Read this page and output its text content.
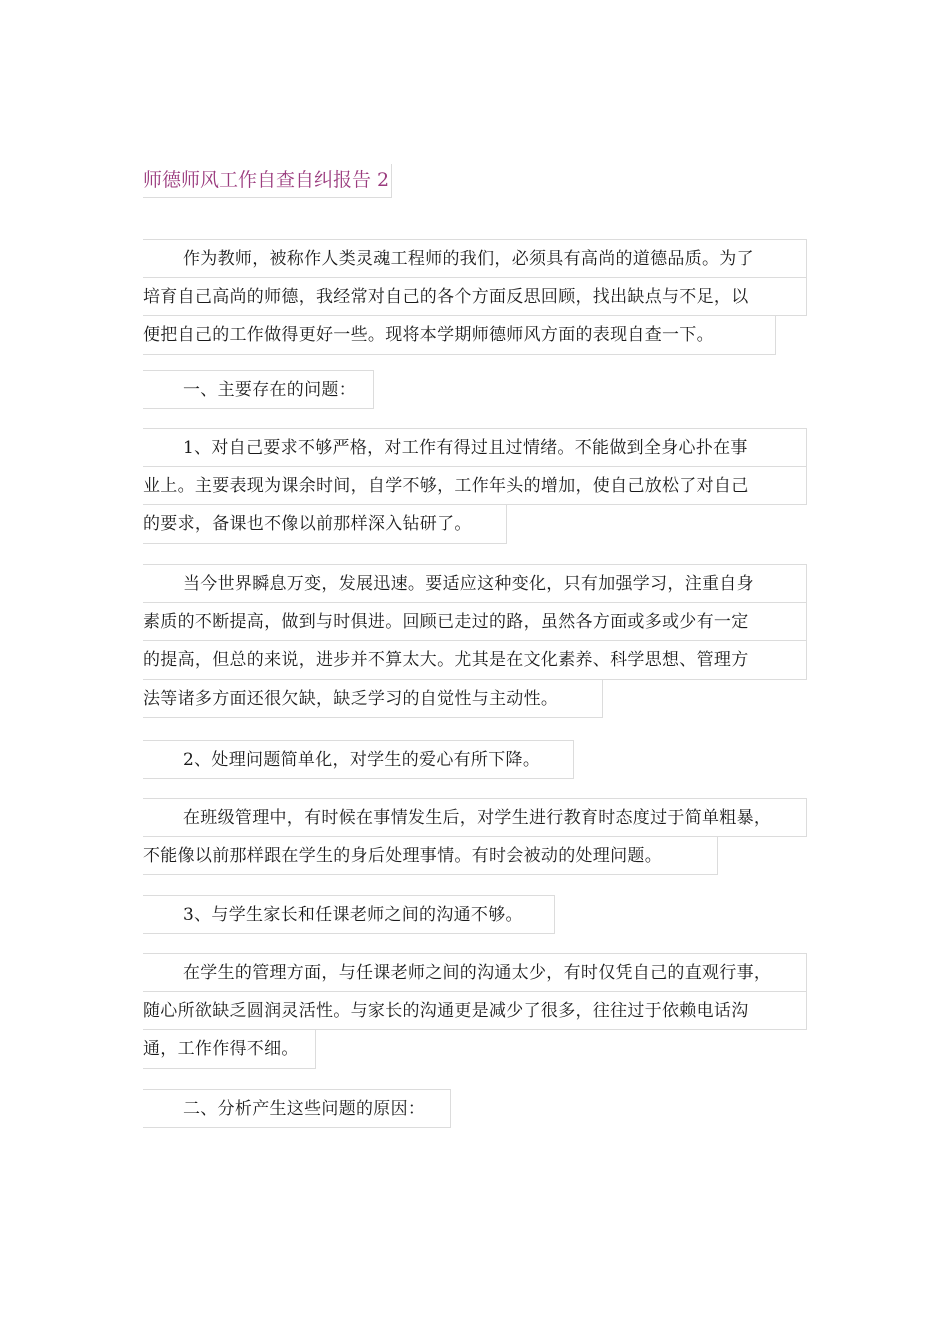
师德师风工作自查自纠报告 2
作为教师，被称作人类灵魂工程师的我们，必须具有高尚的道德品质。为了
培育自己高尚的师德，我经常对自己的各个方面反思回顾，找出缺点与不足，以
便把自己的工作做得更好一些。现将本学期师德师风方面的表现自查一下。
一、主要存在的问题：
1、对自己要求不够严格，对工作有得过且过情绪。不能做到全身心扑在事
业上。主要表现为课余时间，自学不够，工作年头的增加，使自己放松了对自己
的要求，备课也不像以前那样深入钻研了。
当今世界瞬息万变，发展迅速。要适应这种变化，只有加强学习，注重自身
素质的不断提高，做到与时俱进。回顾已走过的路，虽然各方面或多或少有一定
的提高，但总的来说，进步并不算太大。尤其是在文化素养、科学思想、管理方
法等诸多方面还很欠缺，缺乏学习的自觉性与主动性。
2、处理问题简单化，对学生的爱心有所下降。
在班级管理中，有时候在事情发生后，对学生进行教育时态度过于简单粗暴，
不能像以前那样跟在学生的身后处理事情。有时会被动的处理问题。
3、与学生家长和任课老师之间的沟通不够。
在学生的管理方面，与任课老师之间的沟通太少，有时仅凭自己的直观行事，
随心所欲缺乏圆润灵活性。与家长的沟通更是减少了很多，往往过于依赖电话沟
通，工作作得不细。
二、分析产生这些问题的原因：
